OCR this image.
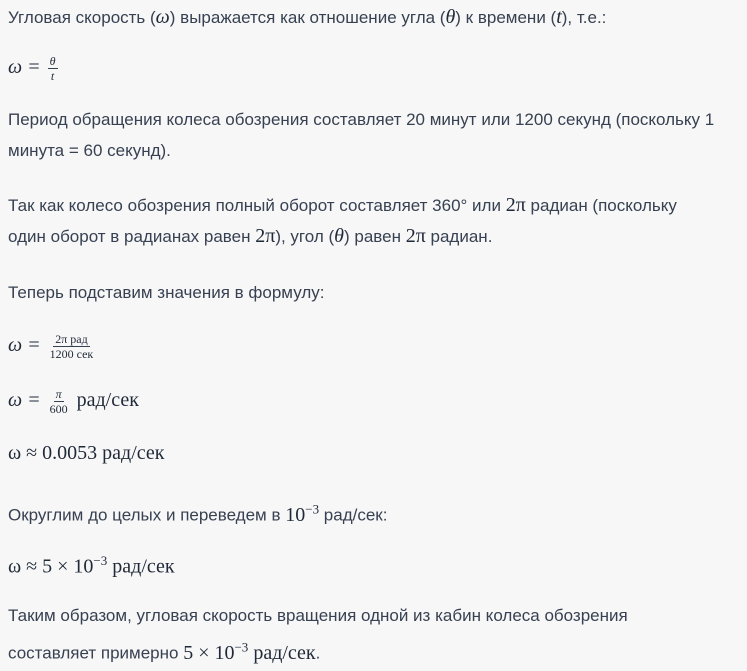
Угловая скорость (ω) выражается как отношение угла (θ) к времени (t), т.е.:

$\omega = \frac{\theta}{t}$

Период обращения колеса обозрения составляет 20 минут или 1200 секунд (поскольку 1
минута = 60 секунд).

Так как колесо обозрения полный оборот составляет 360° или 2π радиан (поскольку
один оборот в радианах равен 2π), угол (θ) равен 2π радиан.

Теперь подставим значения в формулу:

$\omega = \frac{\text{2π рад}}{\text{1200 сек}}$

$\omega = \frac{\pi}{600} рад/сек$

ω ≈ 0.0053 рад/сек

Округлим до целых и переведем в $10^{-3}$ рад/сек:

$\omega \approx 5 \times 10^{-3}$ рад/сек

Таким образом, угловая скорость вращения одной из кабин колеса обозрения
составляет примерно $5 \times 10^{-3}$ рад/сек.
